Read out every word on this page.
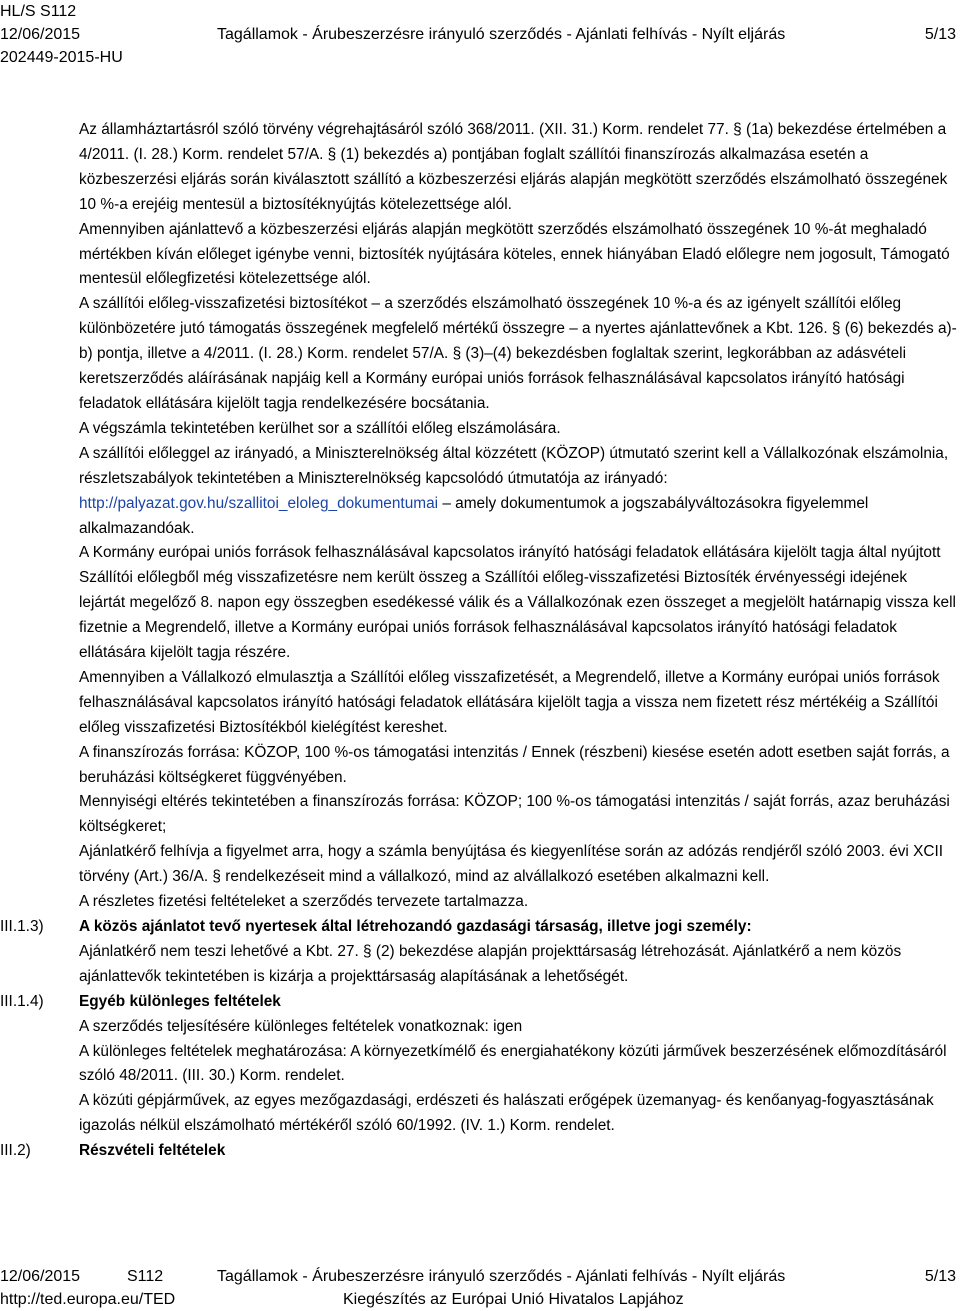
HL/S S112
12/06/2015	Tagállamok - Árubeszerzésre irányuló szerződés - Ajánlati felhívás - Nyílt eljárás	5/13
202449-2015-HU

Az államháztartásról szóló törvény végrehajtásáról szóló 368/2011. (XII. 31.) Korm. rendelet 77. § (1a) bekezdése értelmében a 4/2011. (I. 28.) Korm. rendelet 57/A. § (1) bekezdés a) pontjában foglalt szállítói finanszírozás alkalmazása esetén a közbeszerzési eljárás során kiválasztott szállító a közbeszerzési eljárás alapján megkötött szerződés elszámolható összegének 10 %-a erejéig mentesül a biztosítéknyújtás kötelezettsége alól.

Amennyiben ajánlattevő a közbeszerzési eljárás alapján megkötött szerződés elszámolható összegének 10 %-át meghaladó mértékben kíván előleget igénybe venni, biztosíték nyújtására köteles, ennek hiányában Eladó előlegre nem jogosult, Támogató mentesül előlegfizetési kötelezettsége alól.

A szállítói előleg-visszafizetési biztosítékot – a szerződés elszámolható összegének 10 %-a és az igényelt szállítói előleg különbözetére jutó támogatás összegének megfelelő mértékű összegre – a nyertes ajánlattevőnek a Kbt. 126. § (6) bekezdés a)-b) pontja, illetve a 4/2011. (I. 28.) Korm. rendelet 57/A. § (3)–(4) bekezdésben foglaltak szerint, legkorábban az adásvételi keretszerződés aláírásának napjáig kell a Kormány európai uniós források felhasználásával kapcsolatos irányító hatósági feladatok ellátására kijelölt tagja rendelkezésére bocsátania.

A végszámla tekintetében kerülhet sor a szállítói előleg elszámolására.

A szállítói előleggel az irányadó, a Miniszterelnökség által közzétett (KÖZOP) útmutató szerint kell a Vállalkozónak elszámolnia, részletszabályok tekintetében a Miniszterelnökség kapcsolódó útmutatója az irányadó: http://palyazat.gov.hu/szallitoi_eloleg_dokumentumai – amely dokumentumok a jogszabályváltozásokra figyelemmel alkalmazandóak.

A Kormány európai uniós források felhasználásával kapcsolatos irányító hatósági feladatok ellátására kijelölt tagja által nyújtott Szállítói előlegből még visszafizetésre nem került összeg a Szállítói előleg-visszafizetési Biztosíték érvényességi idejének lejártát megelőző 8. napon egy összegben esedékessé válik és a Vállalkozónak ezen összeget a megjelölt határnapig vissza kell fizetnie a Megrendelő, illetve a Kormány európai uniós források felhasználásával kapcsolatos irányító hatósági feladatok ellátására kijelölt tagja részére.

Amennyiben a Vállalkozó elmulasztja a Szállítói előleg visszafizetését, a Megrendelő, illetve a Kormány európai uniós források felhasználásával kapcsolatos irányító hatósági feladatok ellátására kijelölt tagja a vissza nem fizetett rész mértékéig a Szállítói előleg visszafizetési Biztosítékból kielégítést kereshet.

A finanszírozás forrása: KÖZOP, 100 %-os támogatási intenzitás / Ennek (részbeni) kiesése esetén adott esetben saját forrás, a beruházási költségkeret függvényében.

Mennyiségi eltérés tekintetében a finanszírozás forrása: KÖZOP; 100 %-os támogatási intenzitás / saját forrás, azaz beruházási költségkeret;

Ajánlatkérő felhívja a figyelmet arra, hogy a számla benyújtása és kiegyenlítése során az adózás rendjéről szóló 2003. évi XCII törvény (Art.) 36/A. § rendelkezéseit mind a vállalkozó, mind az alvállalkozó esetében alkalmazni kell.

A részletes fizetési feltételeket a szerződés tervezete tartalmazza.

III.1.3)	A közös ajánlatot tevő nyertesek által létrehozandó gazdasági társaság, illetve jogi személy:

Ajánlatkérő nem teszi lehetővé a Kbt. 27. § (2) bekezdése alapján projekttársaság létrehozását. Ajánlatkérő a nem közös ajánlattevők tekintetében is kizárja a projekttársaság alapításának a lehetőségét.

III.1.4)	Egyéb különleges feltételek

A szerződés teljesítésére különleges feltételek vonatkoznak: igen

A különleges feltételek meghatározása: A környezetkímélő és energiahatékony közúti járművek beszerzésének előmozdításáról szóló 48/2011. (III. 30.) Korm. rendelet.

A közúti gépjárművek, az egyes mezőgazdasági, erdészeti és halászati erőgépek üzemanyag- és kenőanyag-fogyasztásának igazolás nélkül elszámolható mértékéről szóló 60/1992. (IV. 1.) Korm. rendelet.

III.2)	Részvételi feltételek

12/06/2015	S112	Tagállamok - Árubeszerzésre irányuló szerződés - Ajánlati felhívás - Nyílt eljárás	5/13
http://ted.europa.eu/TED	Kiegészítés az Európai Unió Hivatalos Lapjához
